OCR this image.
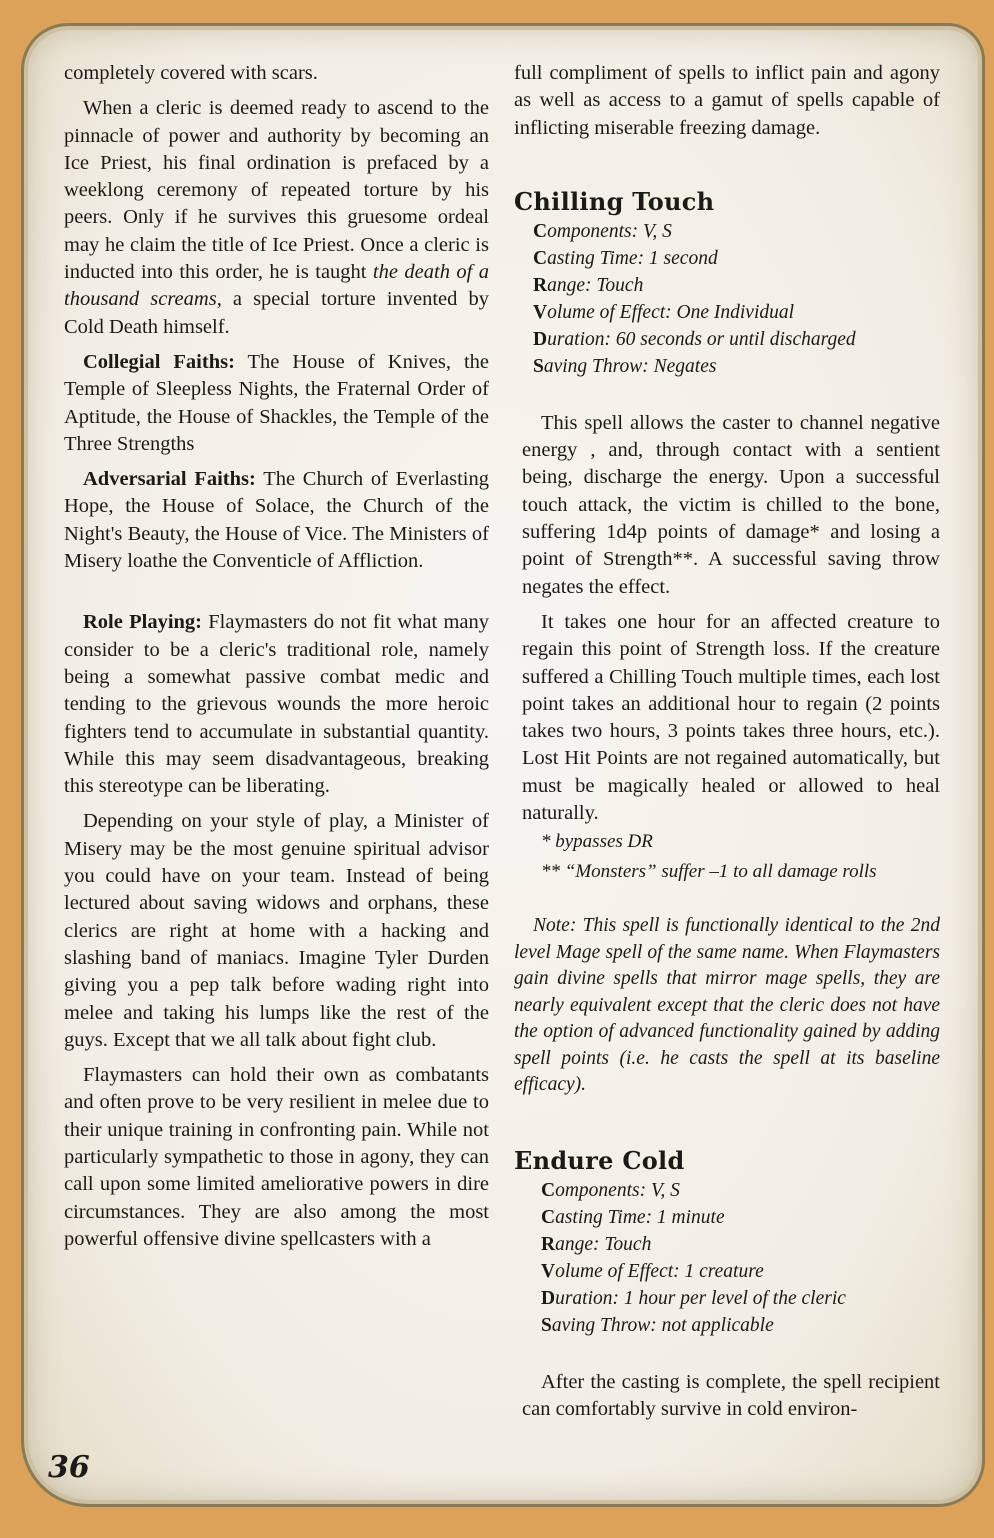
completely covered with scars.

When a cleric is deemed ready to ascend to the pinnacle of power and authority by becoming an Ice Priest, his final ordination is prefaced by a weeklong ceremony of repeated torture by his peers. Only if he survives this gruesome ordeal may he claim the title of Ice Priest. Once a cleric is inducted into this order, he is taught the death of a thousand screams, a special torture invented by Cold Death himself.

Collegial Faiths: The House of Knives, the Temple of Sleepless Nights, the Fraternal Order of Aptitude, the House of Shackles, the Temple of the Three Strengths

Adversarial Faiths: The Church of Everlasting Hope, the House of Solace, the Church of the Night's Beauty, the House of Vice. The Ministers of Misery loathe the Conventicle of Affliction.

Role Playing: Flaymasters do not fit what many consider to be a cleric's traditional role, namely being a somewhat passive combat medic and tending to the grievous wounds the more heroic fighters tend to accumulate in substantial quantity. While this may seem disadvantageous, breaking this stereotype can be liberating.

Depending on your style of play, a Minister of Misery may be the most genuine spiritual advisor you could have on your team. Instead of being lectured about saving widows and orphans, these clerics are right at home with a hacking and slashing band of maniacs. Imagine Tyler Durden giving you a pep talk before wading right into melee and taking his lumps like the rest of the guys. Except that we all talk about fight club.

Flaymasters can hold their own as combatants and often prove to be very resilient in melee due to their unique training in confronting pain. While not particularly sympathetic to those in agony, they can call upon some limited ameliorative powers in dire circumstances. They are also among the most powerful offensive divine spellcasters with a

full compliment of spells to inflict pain and agony as well as access to a gamut of spells capable of inflicting miserable freezing damage.

Chilling Touch

Components: V, S

Casting Time: 1 second

Range: Touch

Volume of Effect: One Individual

Duration: 60 seconds or until discharged

Saving Throw: Negates

This spell allows the caster to channel negative energy , and, through contact with a sentient being, discharge the energy. Upon a successful touch attack, the victim is chilled to the bone, suffering 1d4p points of damage* and losing a point of Strength**. A successful saving throw negates the effect.

It takes one hour for an affected creature to regain this point of Strength loss. If the creature suffered a Chilling Touch multiple times, each lost point takes an additional hour to regain (2 points takes two hours, 3 points takes three hours, etc.). Lost Hit Points are not regained automatically, but must be magically healed or allowed to heal naturally.

* bypasses DR

** “Monsters” suffer –1 to all damage rolls

Note: This spell is functionally identical to the 2nd level Mage spell of the same name. When Flaymasters gain divine spells that mirror mage spells, they are nearly equivalent except that the cleric does not have the option of advanced functionality gained by adding spell points (i.e. he casts the spell at its baseline efficacy).

Endure Cold

Components: V, S

Casting Time: 1 minute

Range: Touch

Volume of Effect: 1 creature

Duration: 1 hour per level of the cleric

Saving Throw: not applicable

After the casting is complete, the spell recipient can comfortably survive in cold environ-

36
